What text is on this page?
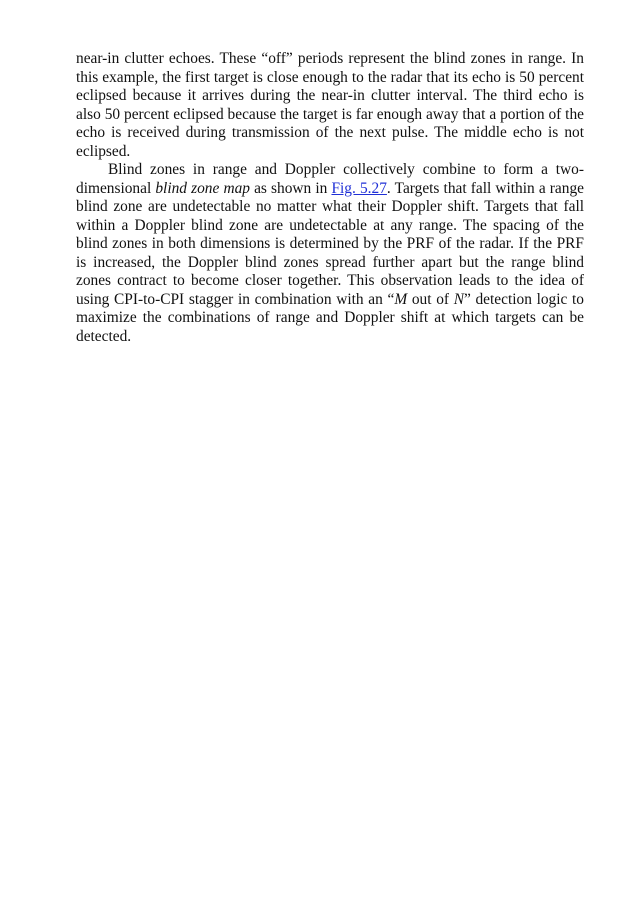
near-in clutter echoes. These “off” periods represent the blind zones in range. In this example, the first target is close enough to the radar that its echo is 50 percent eclipsed because it arrives during the near-in clutter interval. The third echo is also 50 percent eclipsed because the target is far enough away that a portion of the echo is received during transmission of the next pulse. The middle echo is not eclipsed.

Blind zones in range and Doppler collectively combine to form a two-dimensional blind zone map as shown in Fig. 5.27. Targets that fall within a range blind zone are undetectable no matter what their Doppler shift. Targets that fall within a Doppler blind zone are undetectable at any range. The spacing of the blind zones in both dimensions is determined by the PRF of the radar. If the PRF is increased, the Doppler blind zones spread further apart but the range blind zones contract to become closer together. This observation leads to the idea of using CPI-to-CPI stagger in combination with an “M out of N” detection logic to maximize the combinations of range and Doppler shift at which targets can be detected.
